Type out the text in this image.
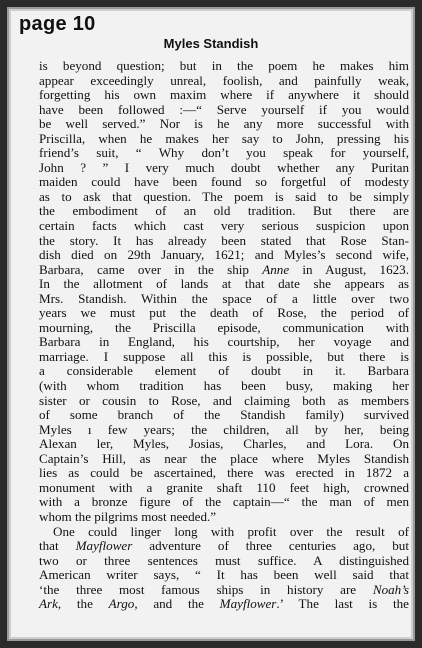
page 10
Myles Standish
is beyond question; but in the poem he makes him
appear exceedingly unreal, foolish, and painfully weak,
forgetting his own maxim where if anywhere it should
have been followed :—“ Serve yourself if you would
be well served.” Nor is he any more successful with
Priscilla, when he makes her say to John, pressing his
friend’s suit, “ Why don’t you speak for yourself,
John ? ” I very much doubt whether any Puritan
maiden could have been found so forgetful of modesty
as to ask that question. The poem is said to be simply
the embodiment of an old tradition. But there are
certain facts which cast very serious suspicion upon
the story. It has already been stated that Rose Stan-
dish died on 29th January, 1621; and Myles’s second wife,
Barbara, came over in the ship Anne in August, 1623.
In the allotment of lands at that date she appears as
Mrs. Standish. Within the space of a little over two
years we must put the death of Rose, the period of
mourning, the Priscilla episode, communication with
Barbara in England, his courtship, her voyage and
marriage. I suppose all this is possible, but there is
a considerable element of doubt in it. Barbara
(with whom tradition has been busy, making her
sister or cousin to Rose, and claiming both as members
of some branch of the Standish family) survived
Myles ı few years; the children, all by her, being
Alexan ler, Myles, Josias, Charles, and Lora. On
Captain’s Hill, as near the place where Myles Standish
lies as could be ascertained, there was erected in 1872 a
monument with a granite shaft 110 feet high, crowned
with a bronze figure of the captain—“ the man of men
whom the pilgrims most needed.”
One could linger long with profit over the result of
that Mayflower adventure of three centuries ago, but
two or three sentences must suffice. A distinguished
American writer says, “ It has been well said that
‘the three most famous ships in history are Noah’s
Ark, the Argo, and the Mayflower.’ The last is the
